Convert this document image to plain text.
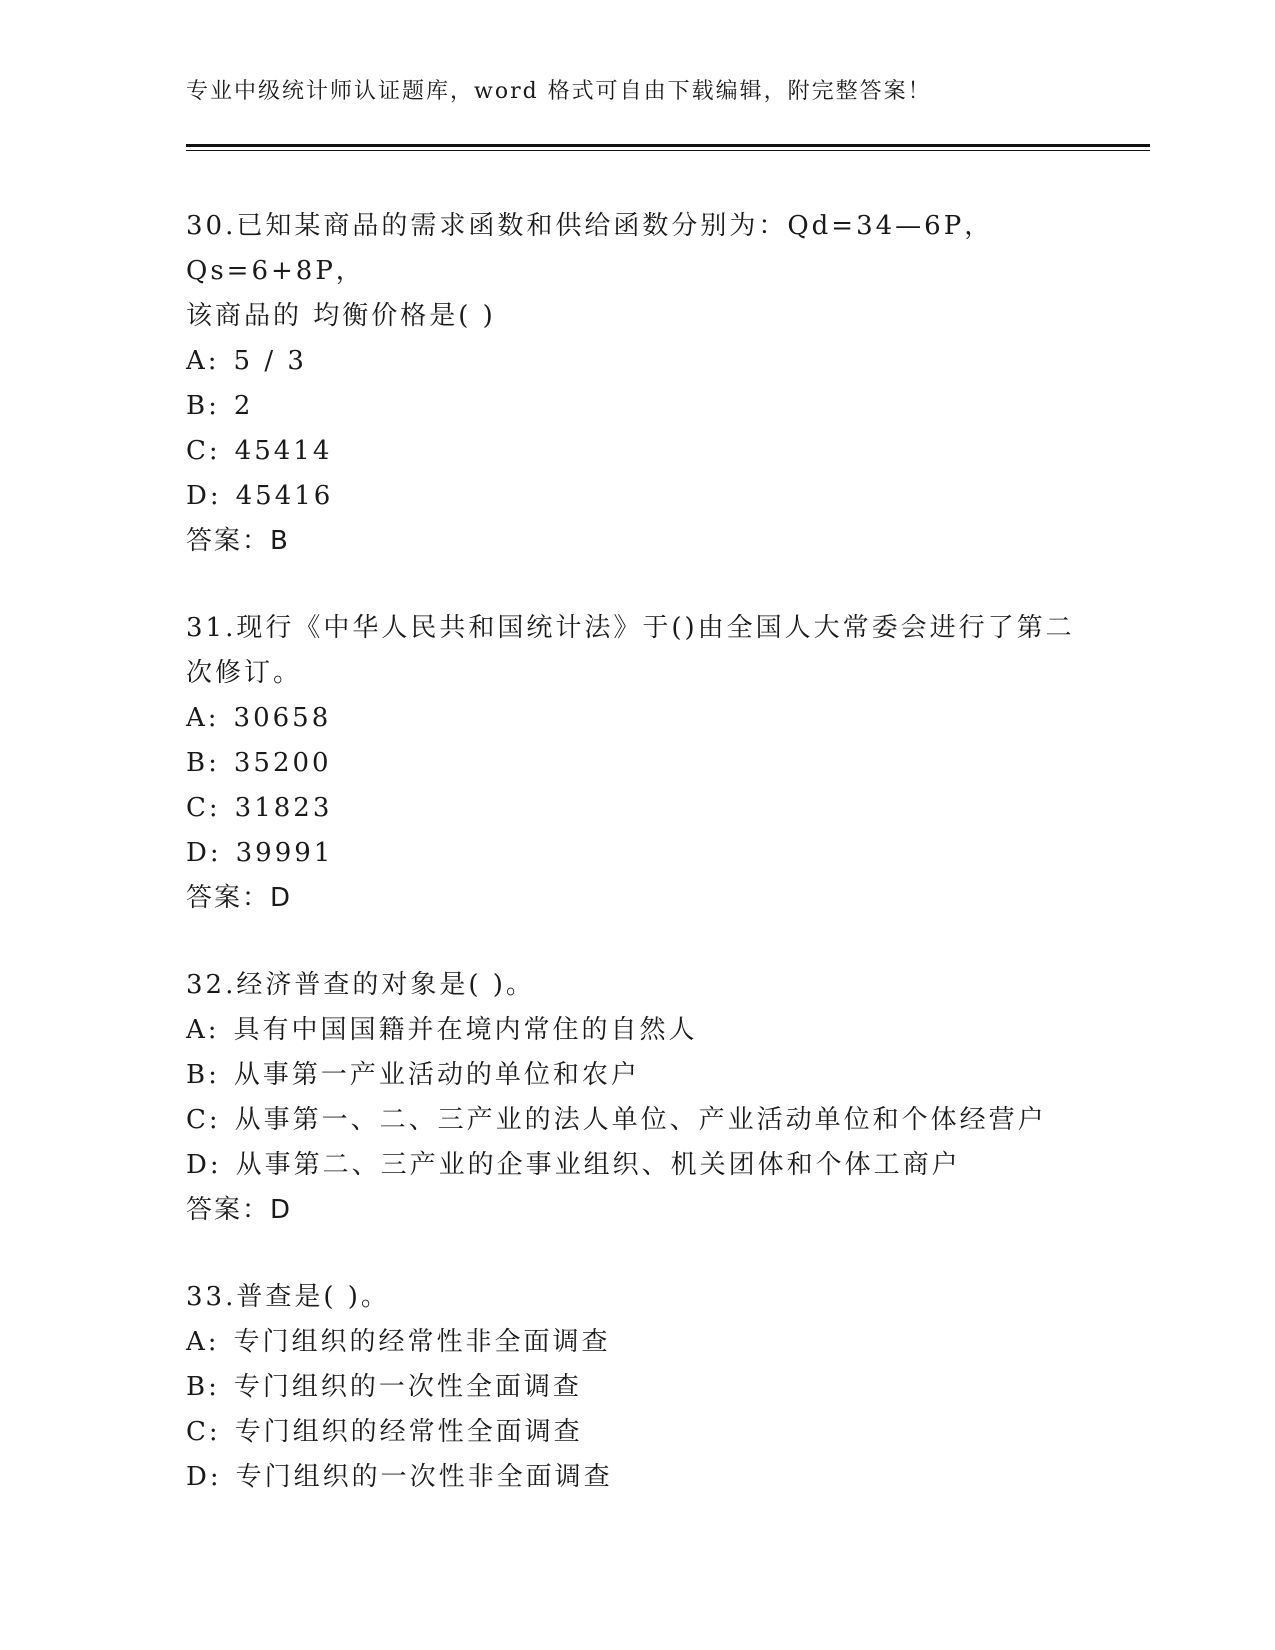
专业中级统计师认证题库，word 格式可自由下载编辑，附完整答案！

30.已知某商品的需求函数和供给函数分别为：Qd=34—6P，Qs=6+8P，

该商品的 均衡价格是( )

A: 5 / 3

B: 2

C: 45414

D: 45416

答案：B

31.现行《中华人民共和国统计法》于()由全国人大常委会进行了第二

次修订。

A: 30658

B: 35200

C: 31823

D: 39991

答案：D

32.经济普查的对象是( )。

A: 具有中国国籍并在境内常住的自然人

B: 从事第一产业活动的单位和农户

C: 从事第一、二、三产业的法人单位、产业活动单位和个体经营户

D: 从事第二、三产业的企事业组织、机关团体和个体工商户

答案：D

33.普查是( )。

A: 专门组织的经常性非全面调查

B: 专门组织的一次性全面调查

C: 专门组织的经常性全面调查

D: 专门组织的一次性非全面调查
